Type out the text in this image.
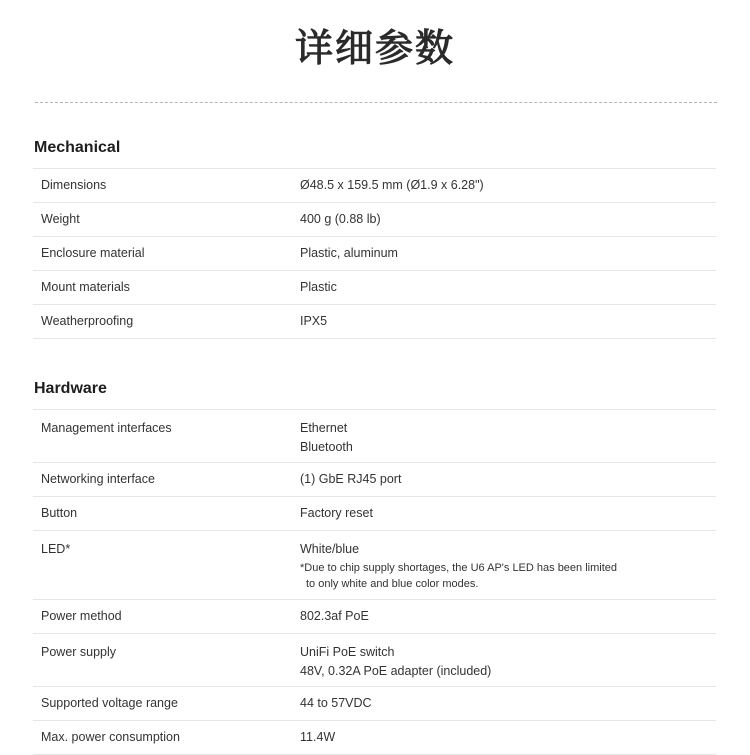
详细参数
Mechanical
Dimensions	Ø48.5 x 159.5 mm (Ø1.9 x 6.28")
Weight	400 g (0.88 lb)
Enclosure material	Plastic, aluminum
Mount materials	Plastic
Weatherproofing	IPX5
Hardware
Management interfaces	Ethernet
Bluetooth
Networking interface	(1) GbE RJ45 port
Button	Factory reset
LED*	White/blue
*Due to chip supply shortages, the U6 AP's LED has been limited
to only white and blue color modes.
Power method	802.3af PoE
Power supply	UniFi PoE switch
48V, 0.32A PoE adapter (included)
Supported voltage range	44 to 57VDC
Max. power consumption	11.4W
